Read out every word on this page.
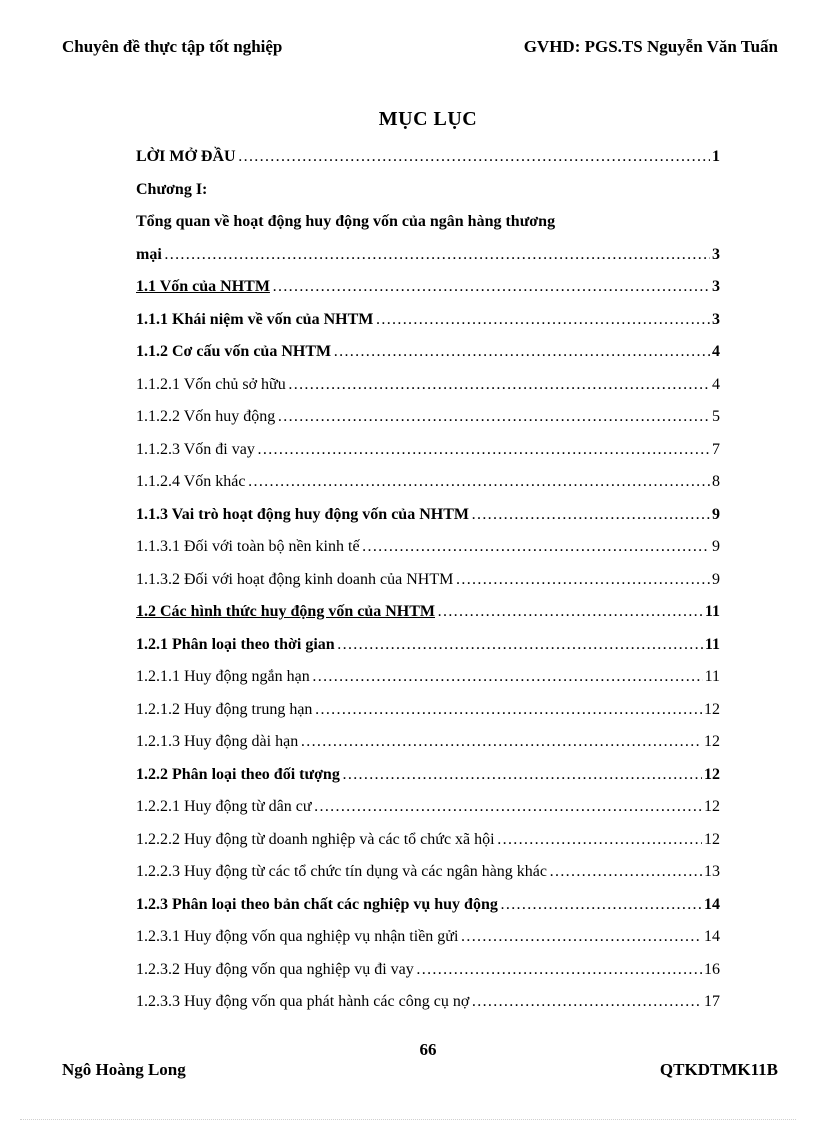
Chuyên đề thực tập tốt nghiệp	GVHD: PGS.TS Nguyễn Văn Tuấn
MỤC LỤC
LỜI MỞ ĐẦU ………………………………………………………………………………………………………………………………………………………………	1
Chương I:
Tổng quan về hoạt động huy động vốn của ngân hàng thương
mại ………………………………………………………………………………………………………………………………………………………………	3
1.1 Vốn của NHTM ………………………………………………………………………………………………………………………………………………………………	3
1.1.1 Khái niệm về vốn của NHTM ………………………………………………………………………………………………………………………………………………………………	3
1.1.2 Cơ cấu vốn của NHTM ………………………………………………………………………………………………………………………………………………………………	4
1.1.2.1 Vốn chủ sở hữu ………………………………………………………………………………………………………………………………………………………………	4
1.1.2.2 Vốn huy động ………………………………………………………………………………………………………………………………………………………………	5
1.1.2.3 Vốn đi vay ………………………………………………………………………………………………………………………………………………………………	7
1.1.2.4 Vốn khác ………………………………………………………………………………………………………………………………………………………………	8
1.1.3 Vai trò hoạt động huy động vốn của NHTM ………………………………………………………………………………………………………………………………………………………………	9
1.1.3.1 Đối với toàn bộ nền kinh tế ………………………………………………………………………………………………………………………………………………………………	9
1.1.3.2 Đối với hoạt động kinh doanh của NHTM ………………………………………………………………………………………………………………………………………………………………	9
1.2 Các hình thức huy động vốn của NHTM ………………………………………………………………………………………………………………………………………………………………	11
1.2.1 Phân loại theo thời gian ………………………………………………………………………………………………………………………………………………………………	11
1.2.1.1 Huy động ngắn hạn ………………………………………………………………………………………………………………………………………………………………	11
1.2.1.2 Huy động trung hạn ………………………………………………………………………………………………………………………………………………………………	12
1.2.1.3 Huy động dài hạn ………………………………………………………………………………………………………………………………………………………………	12
1.2.2 Phân loại theo đối tượng ………………………………………………………………………………………………………………………………………………………………	12
1.2.2.1 Huy động từ dân cư ………………………………………………………………………………………………………………………………………………………………	12
1.2.2.2 Huy động từ doanh nghiệp và các tổ chức xã hội ………………………………………………………………………………………………………………………………………………………………	12
1.2.2.3 Huy động từ các tổ chức tín dụng và các ngân hàng khác ………………………………………………………………………………………………………………………………………………………………	13
1.2.3 Phân loại theo bản chất các nghiệp vụ huy động ………………………………………………………………………………………………………………………………………………………………	14
1.2.3.1 Huy động vốn qua nghiệp vụ nhận tiền gửi ………………………………………………………………………………………………………………………………………………………………	14
1.2.3.2 Huy động vốn qua nghiệp vụ đi vay ………………………………………………………………………………………………………………………………………………………………	16
1.2.3.3 Huy động vốn qua phát hành các công cụ nợ ………………………………………………………………………………………………………………………………………………………………	17
66
Ngô Hoàng Long	QTKDTMK11B
